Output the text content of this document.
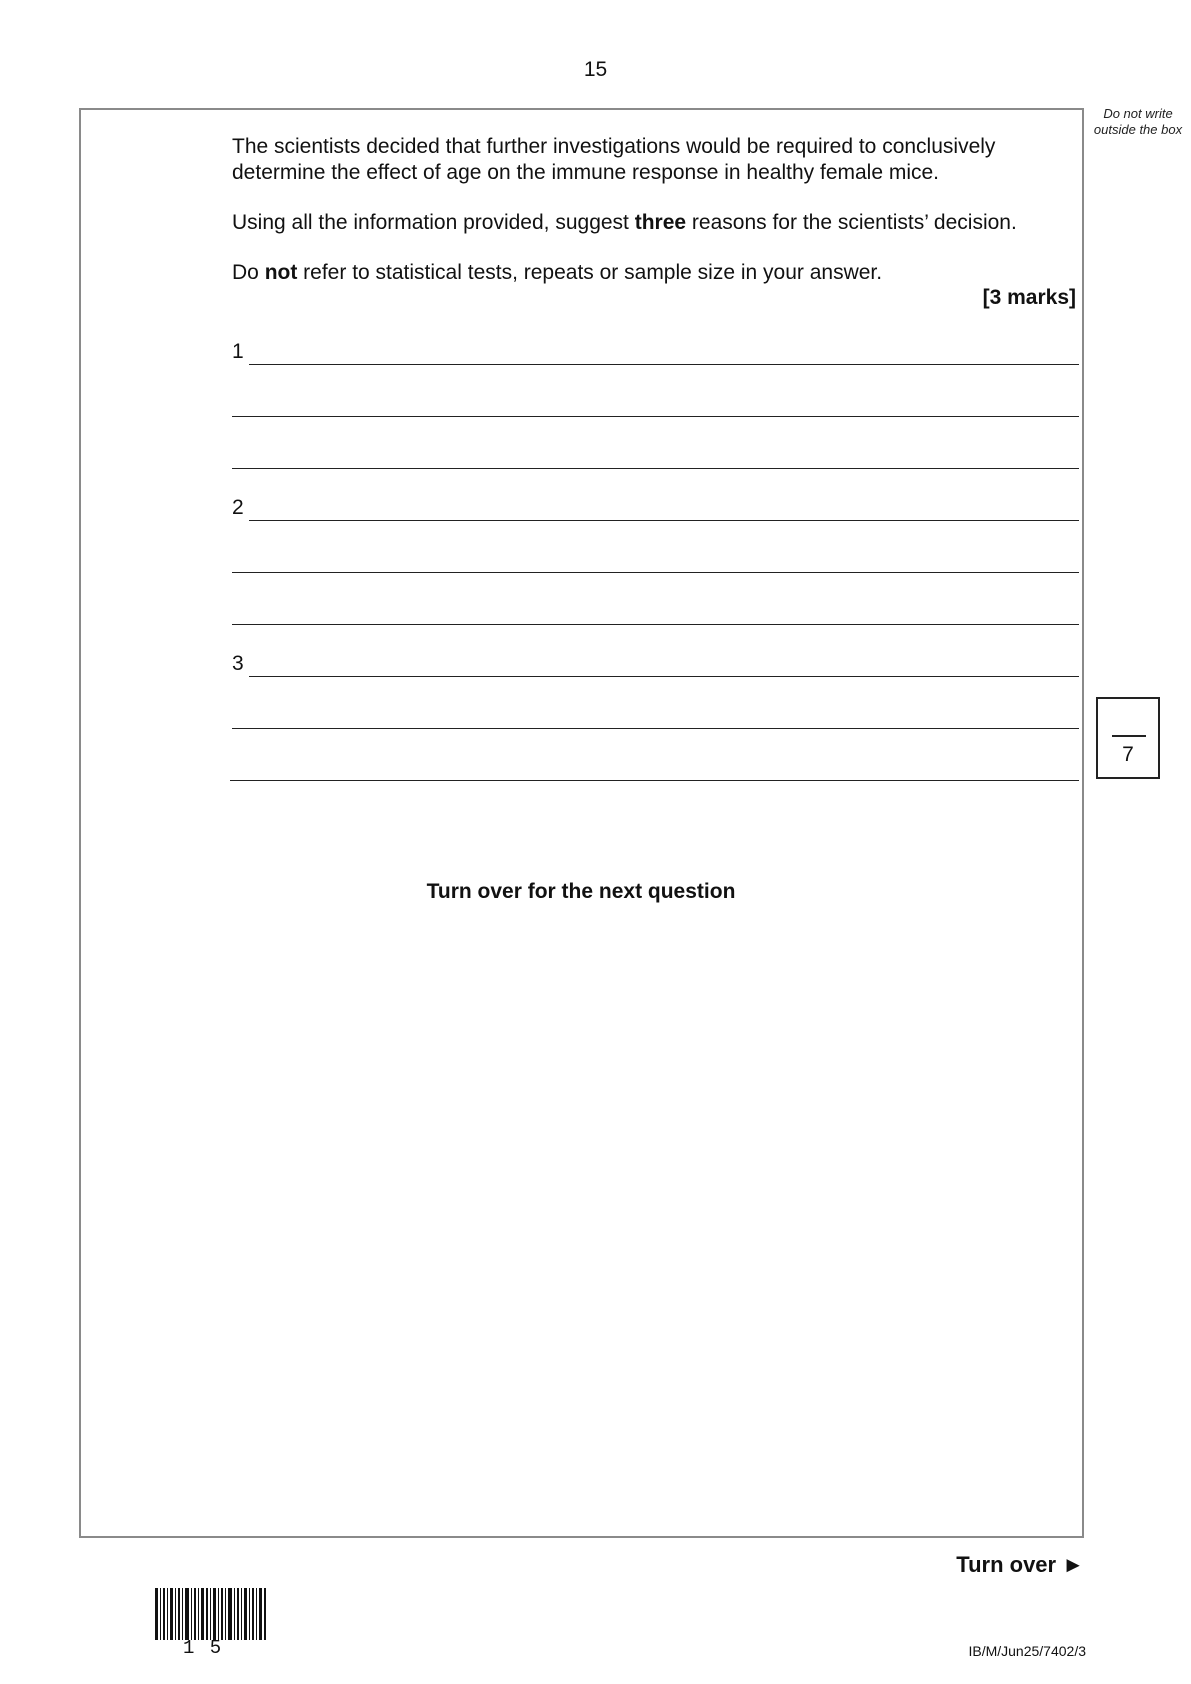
15
Do not write outside the box
The scientists decided that further investigations would be required to conclusively determine the effect of age on the immune response in healthy female mice.
Using all the information provided, suggest three reasons for the scientists’ decision.
Do not refer to statistical tests, repeats or sample size in your answer.
[3 marks]
1
2
3
7
Turn over for the next question
Turn over ►
1 5	IB/M/Jun25/7402/3
